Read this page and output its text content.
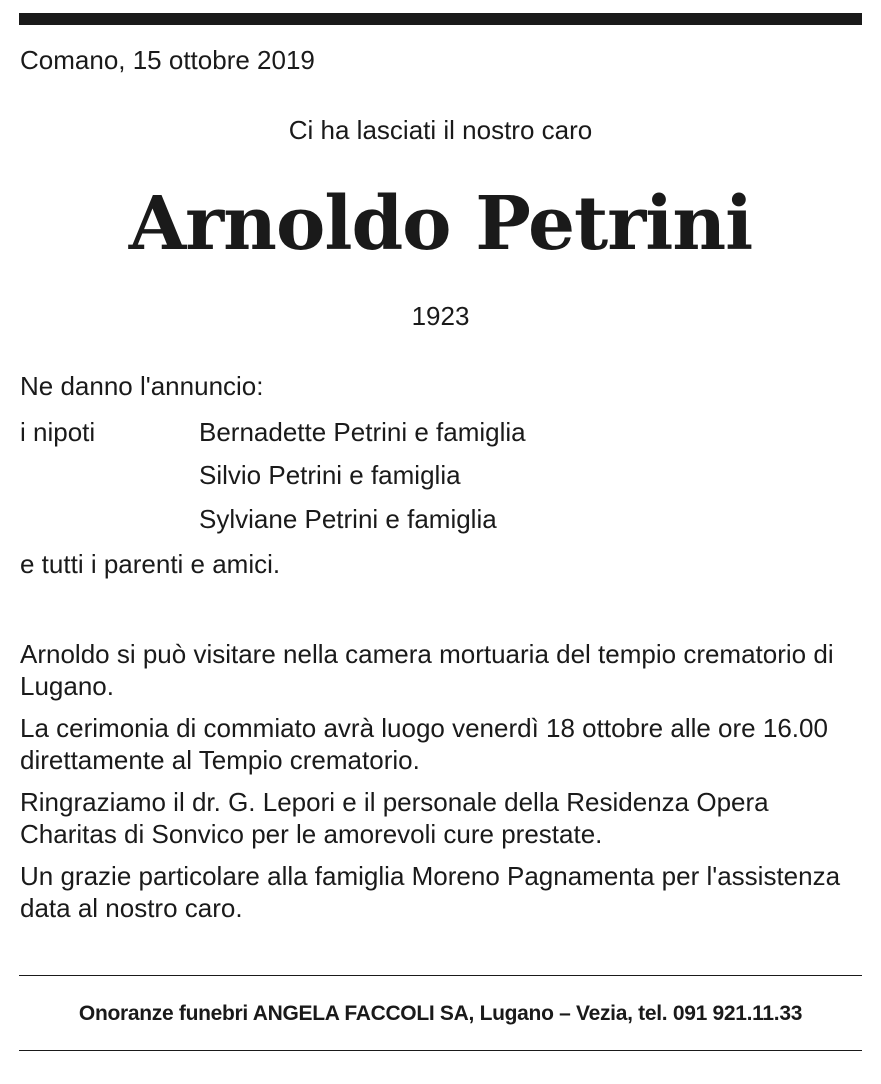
Comano, 15 ottobre 2019
Ci ha lasciati il nostro caro
Arnoldo Petrini
1923
Ne danno l'annuncio:
i nipoti	Bernadette Petrini e famiglia
Silvio Petrini e famiglia
Sylviane Petrini e famiglia
e tutti i parenti e amici.

Arnoldo si può visitare nella camera mortuaria del tempio crematorio di Lugano.

La cerimonia di commiato avrà luogo venerdì 18 ottobre alle ore 16.00 direttamente al Tempio crematorio.

Ringraziamo il dr. G. Lepori e il personale della Residenza Opera Charitas di Sonvico per le amorevoli cure prestate.

Un grazie particolare alla famiglia Moreno Pagnamenta per l'assistenza data al nostro caro.

Onoranze funebri ANGELA FACCOLI SA, Lugano – Vezia, tel. 091 921.11.33
